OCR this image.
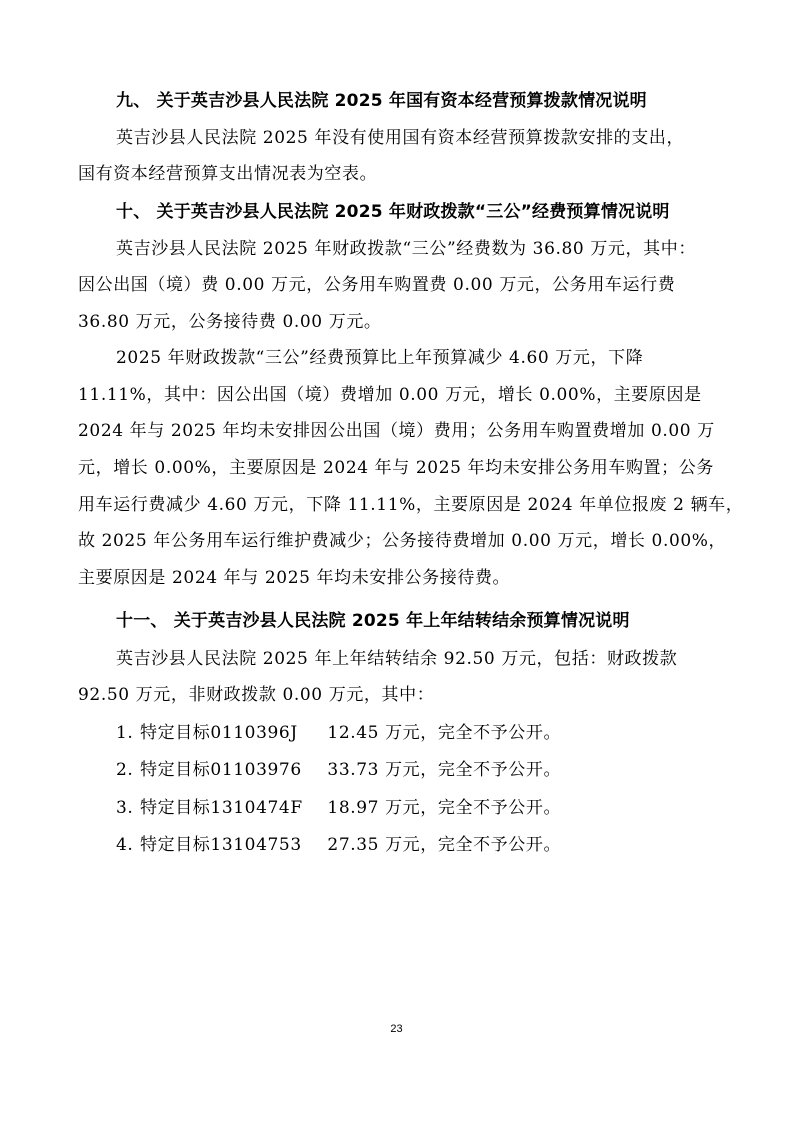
九、 关于英吉沙县人民法院 2025 年国有资本经营预算拨款情况说明
英吉沙县人民法院 2025 年没有使用国有资本经营预算拨款安排的支出，
国有资本经营预算支出情况表为空表。
十、 关于英吉沙县人民法院 2025 年财政拨款“三公”经费预算情况说明
英吉沙县人民法院 2025 年财政拨款“三公”经费数为 36.80 万元，其中：
因公出国（境）费 0.00 万元，公务用车购置费 0.00 万元，公务用车运行费
36.80 万元，公务接待费 0.00 万元。
2025 年财政拨款“三公”经费预算比上年预算减少 4.60 万元，下降
11.11%，其中：因公出国（境）费增加 0.00 万元，增长 0.00%，主要原因是
2024 年与 2025 年均未安排因公出国（境）费用；公务用车购置费增加 0.00 万
元，增长 0.00%，主要原因是 2024 年与 2025 年均未安排公务用车购置；公务
用车运行费减少 4.60 万元，下降 11.11%，主要原因是 2024 年单位报废 2 辆车，
故 2025 年公务用车运行维护费减少；公务接待费增加 0.00 万元，增长 0.00%，
主要原因是 2024 年与 2025 年均未安排公务接待费。
十一、 关于英吉沙县人民法院 2025 年上年结转结余预算情况说明
英吉沙县人民法院 2025 年上年结转结余 92.50 万元，包括：财政拨款
92.50 万元，非财政拨款 0.00 万元，其中：
1. 特定目标0110396J 12.45 万元，完全不予公开。
2. 特定目标01103976 33.73 万元，完全不予公开。
3. 特定目标1310474F 18.97 万元，完全不予公开。
4. 特定目标13104753 27.35 万元，完全不予公开。
23
